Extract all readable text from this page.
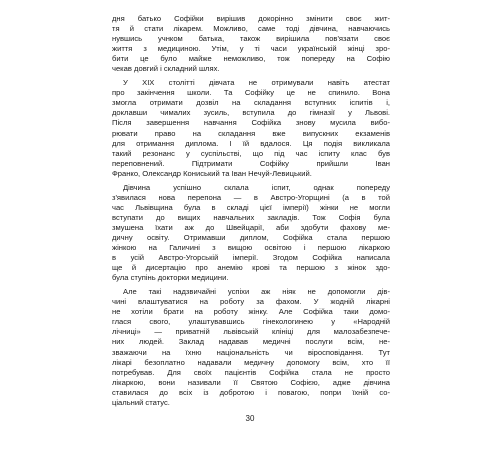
дня батько Софійки вирішив докорінно змінити своє жит-
тя й стати лікарем. Можливо, саме тоді дівчина, навчаючись
нувшись учнком батька, також вирішила пов'язати своє
життя з медициною. Утім, у ті часи українській жінці зро-
бити це було майже неможливо, тож попереду на Софію
чекав довгий і складний шлях.
У XIX столітті дівчата не отримували навіть атестат
про закінчення школи. Та Софійку це не спинило. Вона
змогла отримати дозвіл на складання вступних іспитів і,
доклавши чималих зусиль, вступила до гімназії у Львові.
Після завершення навчання Софійка знову мусила вибо-
рювати право на складання вже випускних екзаменів
для отримання диплома. І їй вдалося. Ця подія викликала
такий резонанс у суспільстві, що під час іспиту клас був
переповнений. Підтримати Софійку прийшли Іван
Франко, Олександр Кониський та Іван Нечуй-Левицький.
Дівчина успішно склала іспит, однак попереду
з'явилася нова перепона — в Австро-Угорщині (а в той
час Львівщина була в складі цієї імперії) жінки не могли
вступати до вищих навчальних закладів. Тож Софія була
змушена їхати аж до Швейцарії, аби здобути фахову ме-
дичну освіту. Отримавши диплом, Софійка стала першою
жінкою на Галичині з вищою освітою і першою лікаркою
в усій Австро-Угорській імперії. Згодом Софійка написала
ще й дисертацію про анемію крові та першою з жінок здо-
була ступінь докторки медицини.
Але такі надзвичайні успіхи аж ніяк не допомогли дів-
чині влаштуватися на роботу за фахом. У жодній лікарні
не хотіли брати на роботу жінку. Але Софійка таки домо-
глася свого, улаштувавшись гінекологинею у «Народній
лічниці» — приватній львівській клініці для малозабезпече-
них людей. Заклад надавав медичні послуги всім, не-
зважаючи на їхню національність чи віросповідання. Тут
лікарі безоплатно надавали медичну допомогу всім, хто її
потребував. Для своїх пацієнтів Софійка стала не просто
лікаркою, вони називали її Святою Софією, адже дівчина
ставилася до всіх із добротою і повагою, попри їхній со-
ціальний статус.
30
